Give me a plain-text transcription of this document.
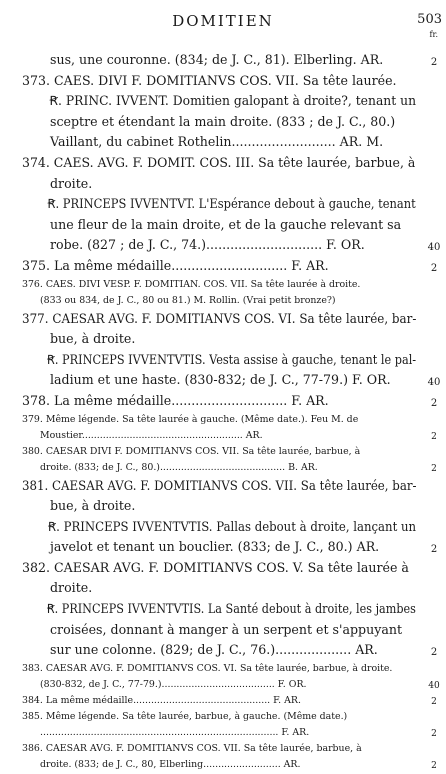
DOMITIEN	503
fr.
sus, une couronne. (834; de J. C., 81). Elberling. AR.	2
373. CAES. DIVI F. DOMITIANVS COS. VII. Sa tête laurée.
Ꞧ. PRINC. IVVENT. Domitien galopant à droite?, tenant un
sceptre et étendant la main droite. (833 ; de J. C., 80.)
Vaillant, du cabinet Rothelin.......................... AR. M.
374. CAES. AVG. F. DOMIT. COS. III. Sa tête laurée, barbue, à
droite.
Ꞧ. PRINCEPS IVVENTVT. L'Espérance debout à gauche, tenant
une fleur de la main droite, et de la gauche relevant sa
robe. (827 ; de J. C., 74.)............................. F. OR.	40
375. La même médaille............................. F. AR.	2
376. CAES. DIVI VESP. F. DOMITIAN. COS. VII. Sa tête laurée à droite.
(833 ou 834, de J. C., 80 ou 81.) M. Rollin. (Vrai petit bronze?)
377. CAESAR AVG. F. DOMITIANVS COS. VI. Sa tête laurée, bar-
bue, à droite.
Ꞧ. PRINCEPS IVVENTVTIS. Vesta assise à gauche, tenant le pal-
ladium et une haste. (830-832; de J. C., 77-79.) F. OR.	40
378. La même médaille............................. F. AR.	2
379. Même légende. Sa tête laurée à gauche. (Même date.). Feu M. de
Moustier...................................................... AR.	2
380. CAESAR DIVI F. DOMITIANVS COS. VII. Sa tête laurée, barbue, à
droite. (833; de J. C., 80.).......................................... B. AR.	2
381. CAESAR AVG. F. DOMITIANVS COS. VII. Sa tête laurée, bar-
bue, à droite.
Ꞧ. PRINCEPS IVVENTVTIS. Pallas debout à droite, lançant un
javelot et tenant un bouclier. (833; de J. C., 80.) AR.	2
382. CAESAR AVG. F. DOMITIANVS COS. V. Sa tête laurée à
droite.
Ꞧ. PRINCEPS IVVENTVTIS. La Santé debout à droite, les jambes
croisées, donnant à manger à un serpent et s'appuyant
sur une colonne. (829; de J. C., 76.)................... AR.	2
383. CAESAR AVG. F. DOMITIANVS COS. VI. Sa tête laurée, barbue, à droite.
(830-832, de J. C., 77-79.)...................................... F. OR.	40
384. La même médaille.............................................. F. AR.	2
385. Même légende. Sa tête laurée, barbue, à gauche. (Même date.)
................................................................................ F. AR.	2
386. CAESAR AVG. F. DOMITIANVS COS. VII. Sa tête laurée, barbue, à
droite. (833; de J. C., 80, Elberling.......................... AR.	2
